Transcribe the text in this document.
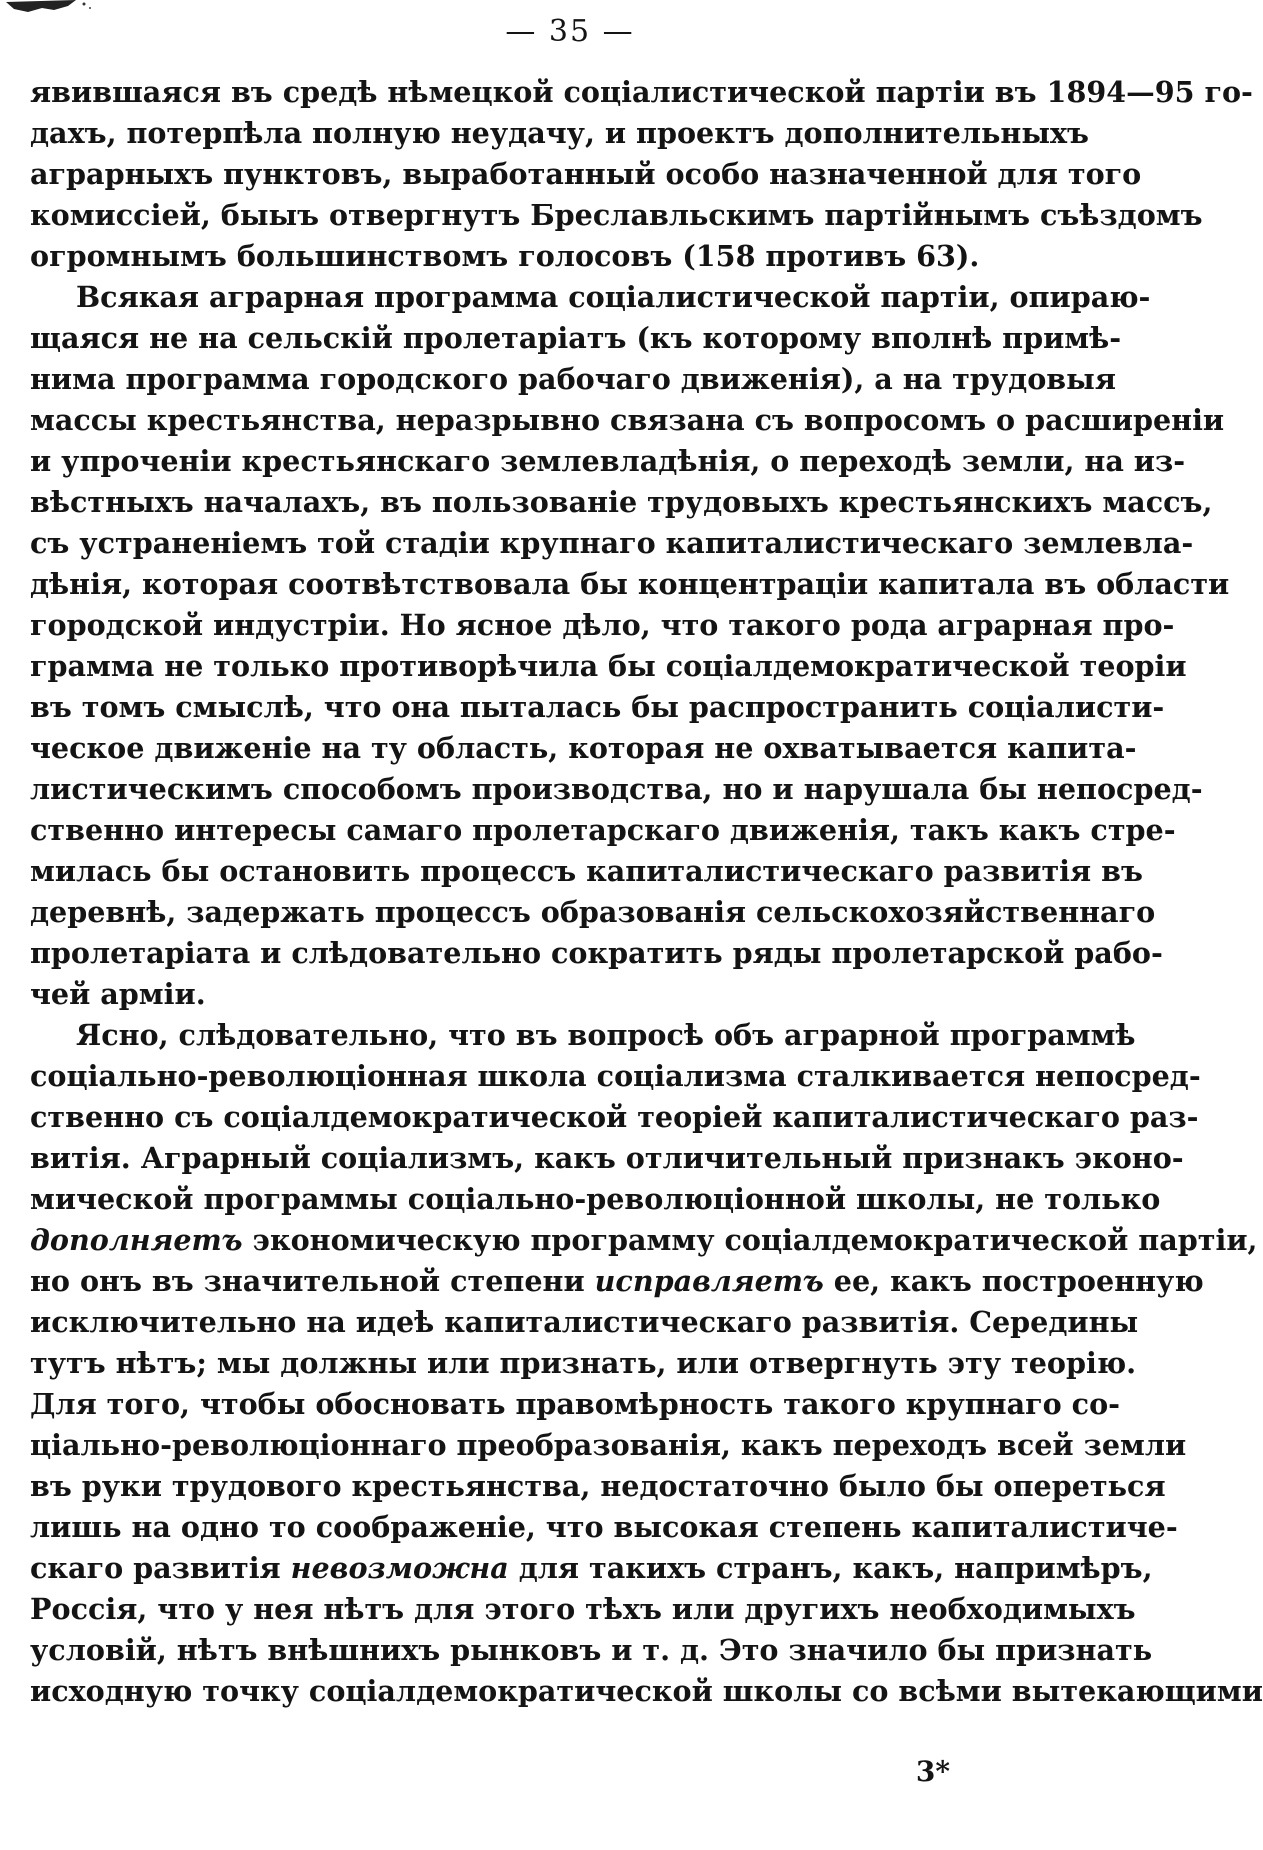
— 35 —
явившаяся въ средѣ нѣмецкой соціалистической партіи въ 1894—95 го-
дахъ, потерпѣла полную неудачу, и проектъ дополнительныхъ
аграрныхъ пунктовъ, выработанный особо назначенной для того
комиссіей, быыъ отвергнутъ Бреславльскимъ партійнымъ съѣздомъ
огромнымъ большинствомъ голосовъ (158 противъ 63).
Всякая аграрная программа соціалистической партіи, опираю-
щаяся не на сельскій пролетаріатъ (къ которому вполнѣ примѣ-
нима программа городского рабочаго движенія), а на трудовыя
массы крестьянства, неразрывно связана съ вопросомъ о расширеніи
и упроченіи крестьянскаго землевладѣнія, о переходѣ земли, на из-
вѣстныхъ началахъ, въ пользованіе трудовыхъ крестьянскихъ массъ,
съ устраненіемъ той стадіи крупнаго капиталистическаго землевла-
дѣнія, которая соотвѣтствовала бы концентраціи капитала въ области
городской индустріи. Но ясное дѣло, что такого рода аграрная про-
грамма не только противорѣчила бы соціалдемократической теоріи
въ томъ смыслѣ, что она пыталась бы распространить соціалисти-
ческое движеніе на ту область, которая не охватывается капита-
листическимъ способомъ производства, но и нарушала бы непосред-
ственно интересы самаго пролетарскаго движенія, такъ какъ стре-
милась бы остановить процессъ капиталистическаго развитія въ
деревнѣ, задержать процессъ образованія сельскохозяйственнаго
пролетаріата и слѣдовательно сократить ряды пролетарской рабо-
чей арміи.
Ясно, слѣдовательно, что въ вопросѣ объ аграрной программѣ
соціально-революціонная школа соціализма сталкивается непосред-
ственно съ соціалдемократической теоріей капиталистическаго раз-
витія. Аграрный соціализмъ, какъ отличительный признакъ эконо-
мической программы соціально-революціонной школы, не только
дополняетъ экономическую программу соціалдемократической партіи,
но онъ въ значительной степени исправляетъ ее, какъ построенную
исключительно на идеѣ капиталистическаго развитія. Середины
тутъ нѣтъ; мы должны или признать, или отвергнуть эту теорію.
Для того, чтобы обосновать правомѣрность такого крупнаго со-
ціально-революціоннаго преобразованія, какъ переходъ всей земли
въ руки трудового крестьянства, недостаточно было бы опереться
лишь на одно то соображеніе, что высокая степень капиталистиче-
скаго развитія невозможна для такихъ странъ, какъ, напримѣръ,
Россія, что у нея нѣтъ для этого тѣхъ или другихъ необходимыхъ
условій, нѣтъ внѣшнихъ рынковъ и т. д. Это значило бы признать
исходную точку соціалдемократической школы со всѣми вытекающими
3*
